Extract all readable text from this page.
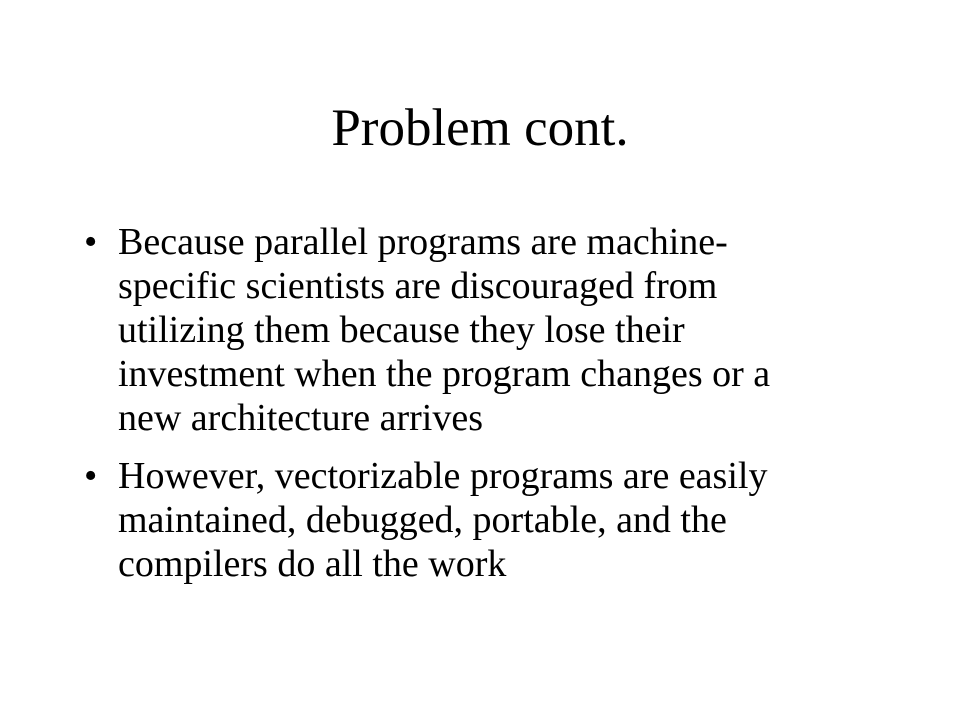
Problem cont.
• Because parallel programs are machine-
specific scientists are discouraged from
utilizing them because they lose their
investment when the program changes or a
new architecture arrives
• However, vectorizable programs are easily
maintained, debugged, portable, and the
compilers do all the work
